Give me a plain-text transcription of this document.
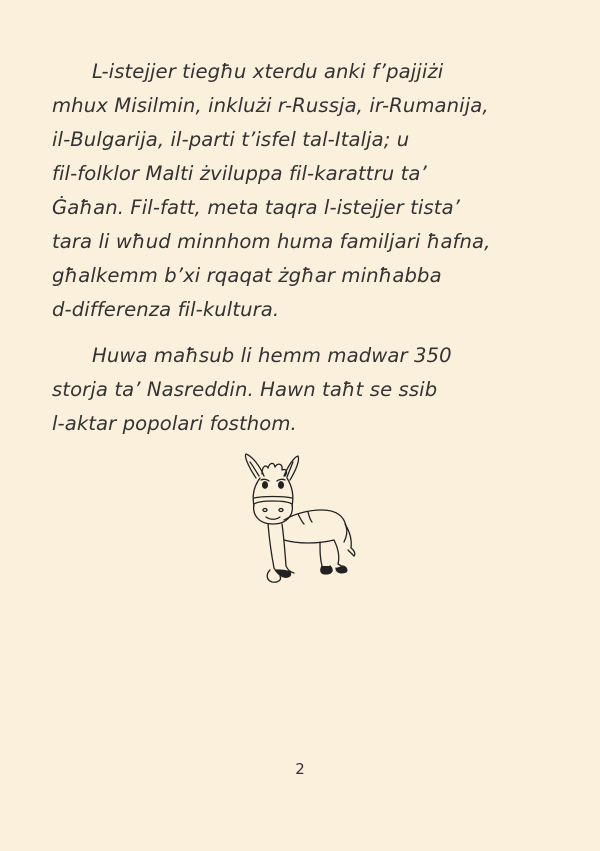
L-istejjer tiegħu xterdu anki f’pajjiżi
mhux Misilmin, inklużi r-Russja, ir-Rumanija,
il-Bulgarija, il-parti t’isfel tal-Italja; u
fil-folklor Malti żviluppa fil-karattru ta’
Ġaħan. Fil-fatt, meta taqra l-istejjer tista’
tara li wħud minnhom huma familjari ħafna,
għalkemm b’xi rqaqat żgħar minħabba
d-differenza fil-kultura.

Huwa maħsub li hemm madwar 350
storja ta’ Nasreddin. Hawn taħt se ssib
l-aktar popolari fosthom.

2
